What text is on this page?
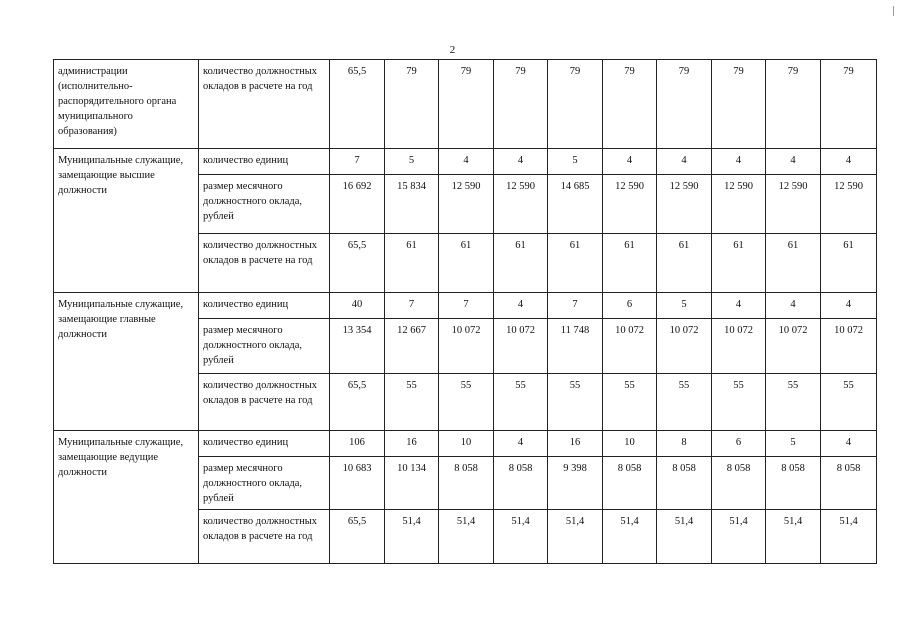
2
администрации (исполнительно-распорядительного органа муниципального образования)	количество должностных окладов в расчете на год	65,5	79	79	79	79	79	79	79	79	79
Муниципальные служащие, замещающие высшие должности	количество единиц	7	5	4	4	5	4	4	4	4	4
	размер месячного должностного оклада, рублей	16 692	15 834	12 590	12 590	14 685	12 590	12 590	12 590	12 590	12 590
	количество должностных окладов в расчете на год	65,5	61	61	61	61	61	61	61	61	61
Муниципальные служащие, замещающие главные должности	количество единиц	40	7	7	4	7	6	5	4	4	4
	размер месячного должностного оклада, рублей	13 354	12 667	10 072	10 072	11 748	10 072	10 072	10 072	10 072	10 072
	количество должностных окладов в расчете на год	65,5	55	55	55	55	55	55	55	55	55
Муниципальные служащие, замещающие ведущие должности	количество единиц	106	16	10	4	16	10	8	6	5	4
	размер месячного должностного оклада, рублей	10 683	10 134	8 058	8 058	9 398	8 058	8 058	8 058	8 058	8 058
	количество должностных окладов в расчете на год	65,5	51,4	51,4	51,4	51,4	51,4	51,4	51,4	51,4	51,4
